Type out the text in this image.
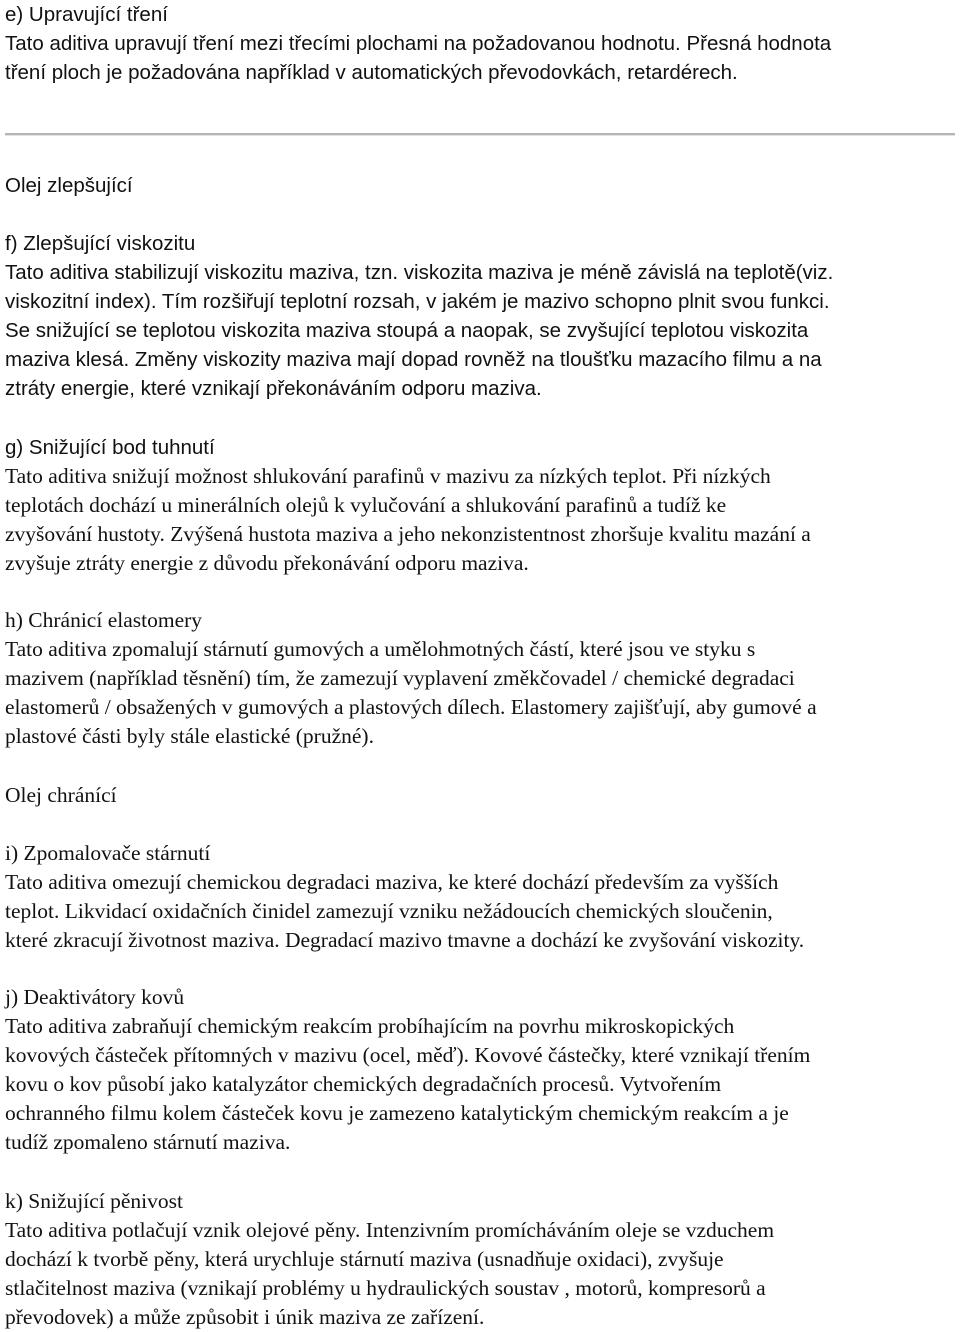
e) Upravující tření
Tato aditiva upravují tření mezi třecími plochami na požadovanou hodnotu. Přesná hodnota
tření ploch je požadována například v automatických převodovkách, retardérech.
Olej zlepšující
f) Zlepšující viskozitu
Tato aditiva stabilizují viskozitu maziva, tzn. viskozita maziva je méně závislá na teplotě(viz.
viskozitní index). Tím rozšiřují teplotní rozsah, v jakém je mazivo schopno plnit svou funkci.
Se snižující se teplotou viskozita maziva stoupá a naopak, se zvyšující teplotou viskozita
maziva klesá. Změny viskozity maziva mají dopad rovněž na tloušťku mazacího filmu a na
ztráty energie, které vznikají překonáváním odporu maziva.
g) Snižující bod tuhnutí
Tato aditiva snižují možnost shlukování parafinů v mazivu za nízkých teplot. Při nízkých
teplotách dochází u minerálních olejů k vylučování a shlukování parafinů a tudíž ke
zvyšování hustoty. Zvýšená hustota maziva a jeho nekonzistentnost zhoršuje kvalitu mazání a
zvyšuje ztráty energie z důvodu překonávání odporu maziva.
h) Chránicí elastomery
Tato aditiva zpomalují stárnutí gumových a umělohmotných částí, které jsou ve styku s
mazivem (například těsnění) tím, že zamezují vyplavení změkčovadel / chemické degradaci
elastomerů / obsažených v gumových a plastových dílech. Elastomery zajišťují, aby gumové a
plastové části byly stále elastické (pružné).
Olej chránící
i) Zpomalovače stárnutí
Tato aditiva omezují chemickou degradaci maziva, ke které dochází především za vyšších
teplot. Likvidací oxidačních činidel zamezují vzniku nežádoucích chemických sloučenin,
které zkracují životnost maziva. Degradací mazivo tmavne a dochází ke zvyšování viskozity.
j) Deaktivátory kovů
Tato aditiva zabraňují chemickým reakcím probíhajícím na povrhu mikroskopických
kovových částeček přítomných v mazivu (ocel, měď). Kovové částečky, které vznikají třením
kovu o kov působí jako katalyzátor chemických degradačních procesů. Vytvořením
ochranného filmu kolem částeček kovu je zamezeno katalytickým chemickým reakcím a je
tudíž zpomaleno stárnutí maziva.
k) Snižující pěnivost
Tato aditiva potlačují vznik olejové pěny. Intenzivním promícháváním oleje se vzduchem
dochází k tvorbě pěny, která urychluje stárnutí maziva (usnadňuje oxidaci), zvyšuje
stlačitelnost maziva (vznikají problémy u hydraulických soustav , motorů, kompresorů a
převodovek) a může způsobit i únik maziva ze zařízení.
